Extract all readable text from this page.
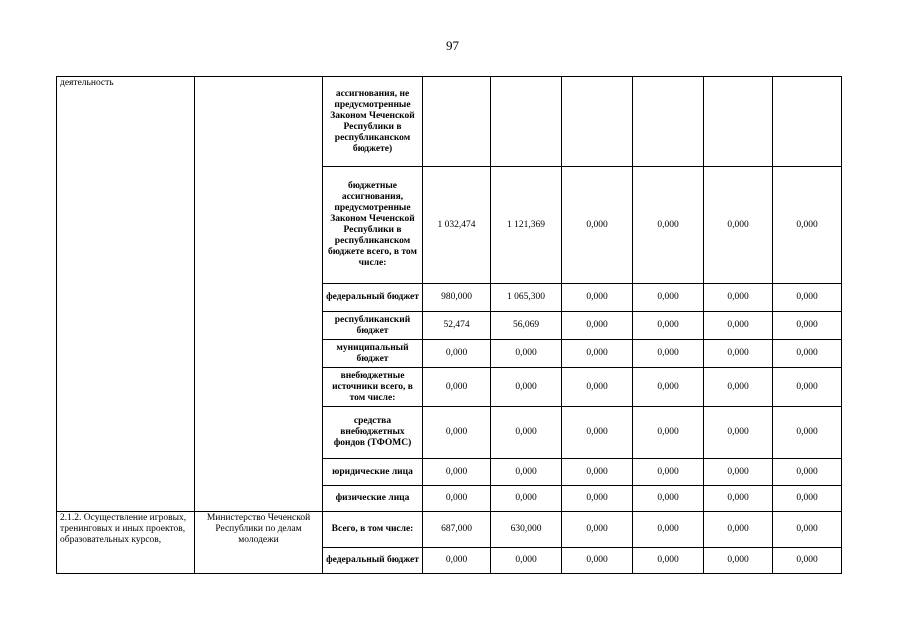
97
деятельность		ассигнования, не предусмотренные Законом Чеченской Республики в республиканском бюджете)						
		бюджетные ассигнования, предусмотренные Законом Чеченской Республики в республиканском бюджете всего, в том числе:	1 032,474	1 121,369	0,000	0,000	0,000	0,000
		федеральный бюджет	980,000	1 065,300	0,000	0,000	0,000	0,000
		республиканский бюджет	52,474	56,069	0,000	0,000	0,000	0,000
		муниципальный бюджет	0,000	0,000	0,000	0,000	0,000	0,000
		внебюджетные источники всего, в том числе:	0,000	0,000	0,000	0,000	0,000	0,000
		средства внебюджетных фондов (ТФОМС)	0,000	0,000	0,000	0,000	0,000	0,000
		юридические лица	0,000	0,000	0,000	0,000	0,000	0,000
		физические лица	0,000	0,000	0,000	0,000	0,000	0,000
2.1.2. Осуществление игровых, тренинговых и иных проектов, образовательных курсов,	Министерство Чеченской Республики по делам молодежи	Всего, в том числе:	687,000	630,000	0,000	0,000	0,000	0,000
		федеральный бюджет	0,000	0,000	0,000	0,000	0,000	0,000
